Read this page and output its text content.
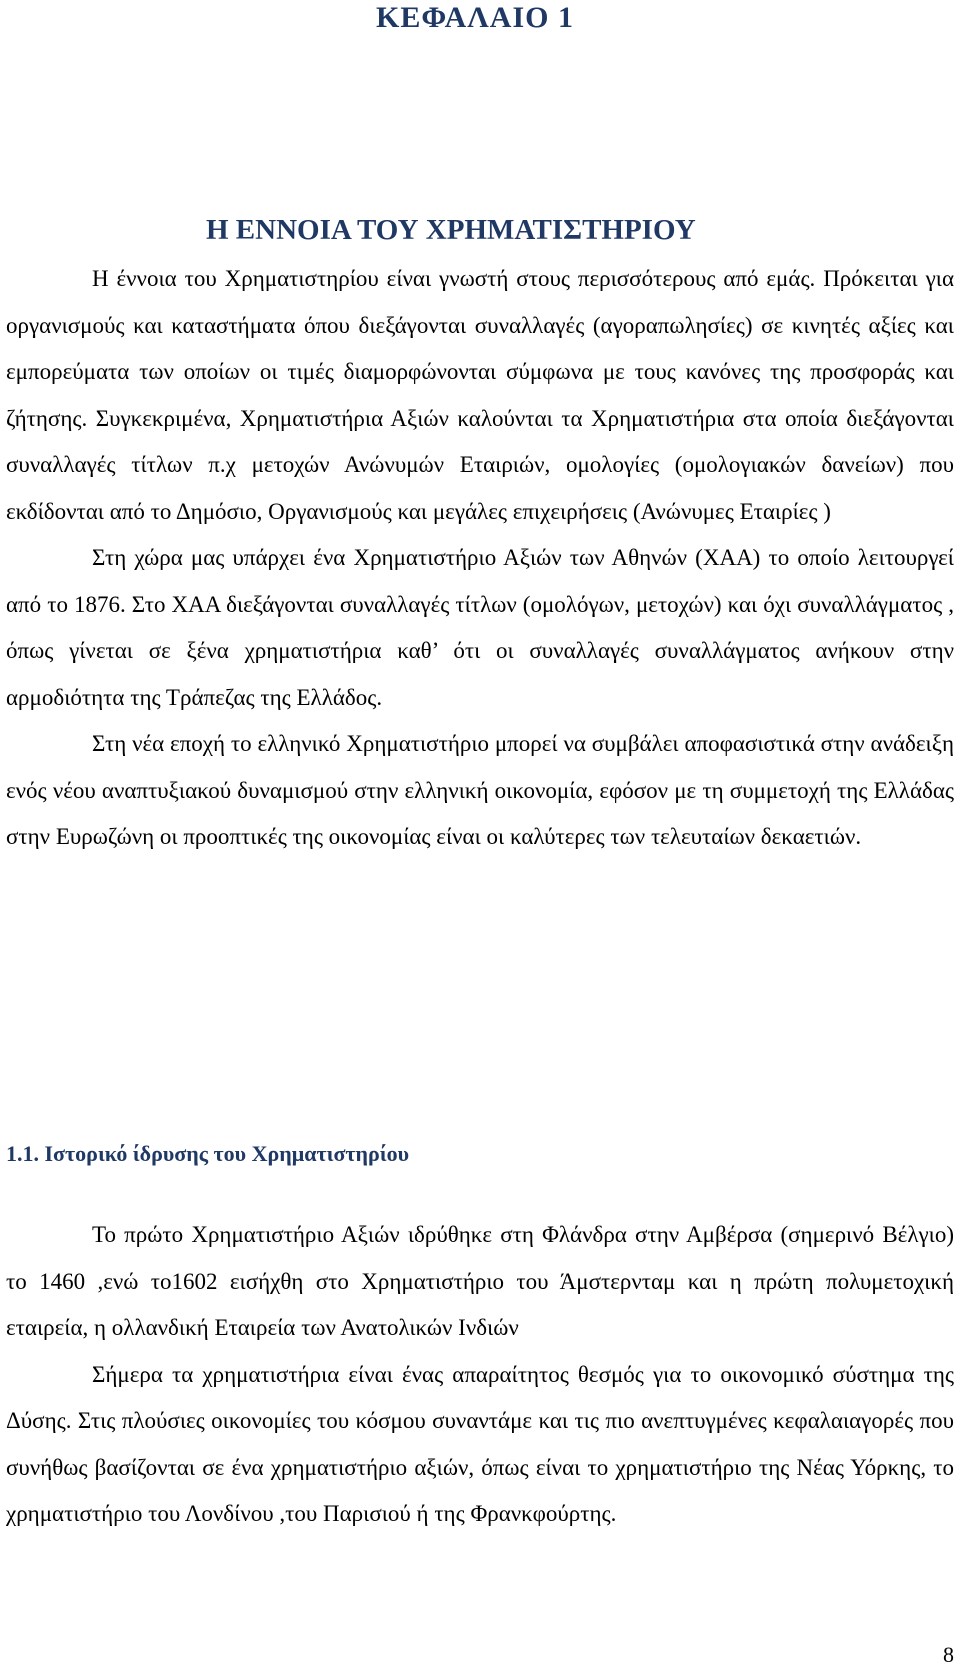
ΚΕΦΑΛΑΙΟ 1
Η ΕΝΝΟΙΑ ΤΟΥ ΧΡΗΜΑΤΙΣΤΗΡΙΟΥ

Η έννοια του Χρηματιστηρίου είναι γνωστή στους περισσότερους από εμάς. Πρόκειται για οργανισμούς και καταστήματα όπου διεξάγονται συναλλαγές (αγοραπωλησίες) σε κινητές αξίες και εμπορεύματα των οποίων οι τιμές διαμορφώνονται σύμφωνα με τους κανόνες της προσφοράς και ζήτησης. Συγκεκριμένα, Χρηματιστήρια Αξιών καλούνται τα Χρηματιστήρια στα οποία διεξάγονται συναλλαγές τίτλων π.χ μετοχών Ανώνυμών Εταιριών, ομολογίες (ομολογιακών δανείων) που εκδίδονται από το Δημόσιο, Οργανισμούς και μεγάλες επιχειρήσεις (Ανώνυμες Εταιρίες )

Στη χώρα μας υπάρχει ένα Χρηματιστήριο Αξιών των Αθηνών (ΧΑΑ) το οποίο λειτουργεί από το 1876. Στο ΧΑΑ διεξάγονται συναλλαγές τίτλων (ομολόγων, μετοχών) και όχι συναλλάγματος , όπως γίνεται σε ξένα χρηματιστήρια καθ’ ότι οι συναλλαγές συναλλάγματος ανήκουν στην αρμοδιότητα της Τράπεζας της Ελλάδος.

Στη νέα εποχή το ελληνικό Χρηματιστήριο μπορεί να συμβάλει αποφασιστικά στην ανάδειξη ενός νέου αναπτυξιακού δυναμισμού στην ελληνική οικονομία, εφόσον με τη συμμετοχή της Ελλάδας στην Ευρωζώνη οι προοπτικές της οικονομίας είναι οι καλύτερες των τελευταίων δεκαετιών.

1.1. Ιστορικό ίδρυσης του Χρηματιστηρίου

Το πρώτο Χρηματιστήριο Αξιών ιδρύθηκε στη Φλάνδρα στην Αμβέρσα (σημερινό Βέλγιο) το 1460 ,ενώ το1602 εισήχθη στο Χρηματιστήριο του Άμστερνταμ και η πρώτη πολυμετοχική εταιρεία, η ολλανδική Εταιρεία των Ανατολικών Ινδιών

Σήμερα τα χρηματιστήρια είναι ένας απαραίτητος θεσμός για το οικονομικό σύστημα της Δύσης. Στις πλούσιες οικονομίες του κόσμου συναντάμε και τις πιο ανεπτυγμένες κεφαλαιαγορές που συνήθως βασίζονται σε ένα χρηματιστήριο αξιών, όπως είναι το χρηματιστήριο της Νέας Υόρκης, το χρηματιστήριο του Λονδίνου ,του Παρισιού ή της Φρανκφούρτης.

8
